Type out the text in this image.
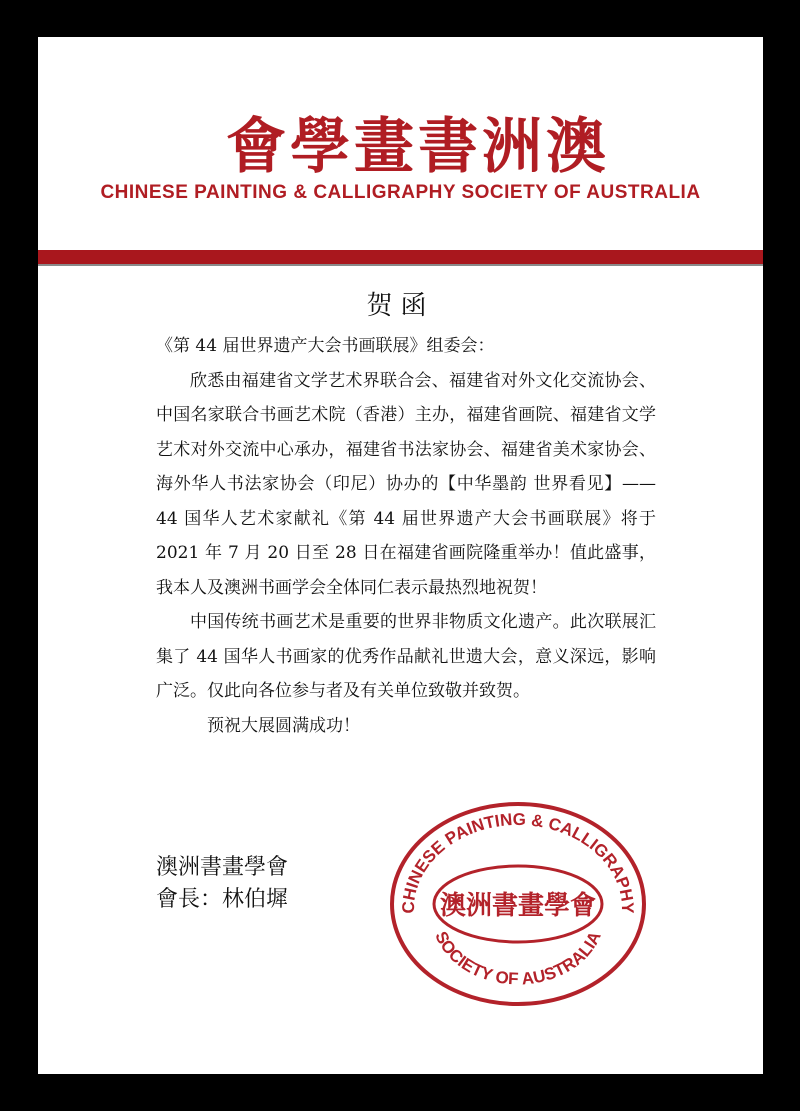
會學畫書洲澳
CHINESE PAINTING & CALLIGRAPHY SOCIETY OF AUSTRALIA
贺函

《第 44 届世界遗产大会书画联展》组委会：

欣悉由福建省文学艺术界联合会、福建省对外文化交流协会、中国名家联合书画艺术院（香港）主办，福建省画院、福建省文学艺术对外交流中心承办，福建省书法家协会、福建省美术家协会、海外华人书法家协会（印尼）协办的【中华墨韵 世界看见】——44 国华人艺术家献礼《第 44 届世界遗产大会书画联展》将于 2021 年 7 月 20 日至 28 日在福建省画院隆重举办！值此盛事，我本人及澳洲书画学会全体同仁表示最热烈地祝贺！

中国传统书画艺术是重要的世界非物质文化遗产。此次联展汇集了 44 国华人书画家的优秀作品献礼世遗大会，意义深远，影响广泛。仅此向各位参与者及有关单位致敬并致贺。

预祝大展圆满成功！

澳洲書畫學會
會長：林伯墀	CHINESE PAINTING & CALLIGRAPHY
澳洲書畫學會
SOCIETY OF AUSTRALIA
